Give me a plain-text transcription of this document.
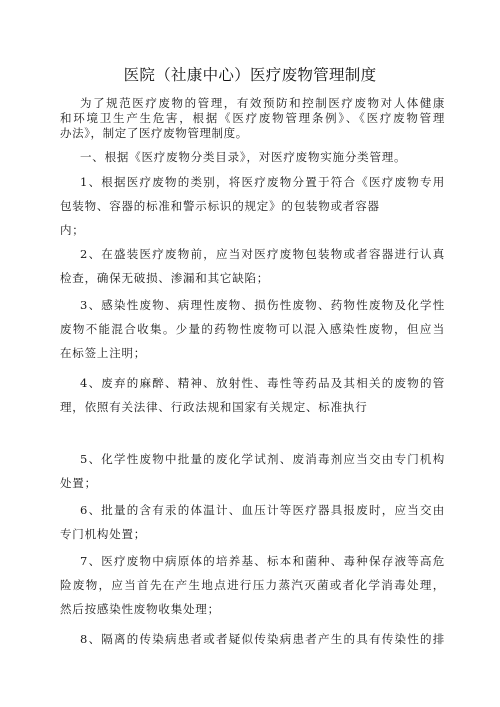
医院（社康中心）医疗废物管理制度
为了规范医疗废物的管理，有效预防和控制医疗废物对人体健康
和环境卫生产生危害，根据《医疗废物管理条例》、《医疗废物管理
办法》，制定了医疗废物管理制度。
一、根据《医疗废物分类目录》，对医疗废物实施分类管理。
1、根据医疗废物的类别，将医疗废物分置于符合《医疗废物专用
包装物、容器的标准和警示标识的规定》的包装物或者容器
内；
2、在盛装医疗废物前，应当对医疗废物包装物或者容器进行认真
检查，确保无破损、渗漏和其它缺陷；
3、感染性废物、病理性废物、损伤性废物、药物性废物及化学性
废物不能混合收集。少量的药物性废物可以混入感染性废物，但应当
在标签上注明；
4、废弃的麻醉、精神、放射性、毒性等药品及其相关的废物的管
理，依照有关法律、行政法规和国家有关规定、标准执行
5、化学性废物中批量的废化学试剂、废消毒剂应当交由专门机构
处置；
6、批量的含有汞的体温计、血压计等医疗器具报废时，应当交由
专门机构处置；
7、医疗废物中病原体的培养基、标本和菌种、毒种保存液等高危
险废物，应当首先在产生地点进行压力蒸汽灭菌或者化学消毒处理，
然后按感染性废物收集处理；
8、隔离的传染病患者或者疑似传染病患者产生的具有传染性的排
